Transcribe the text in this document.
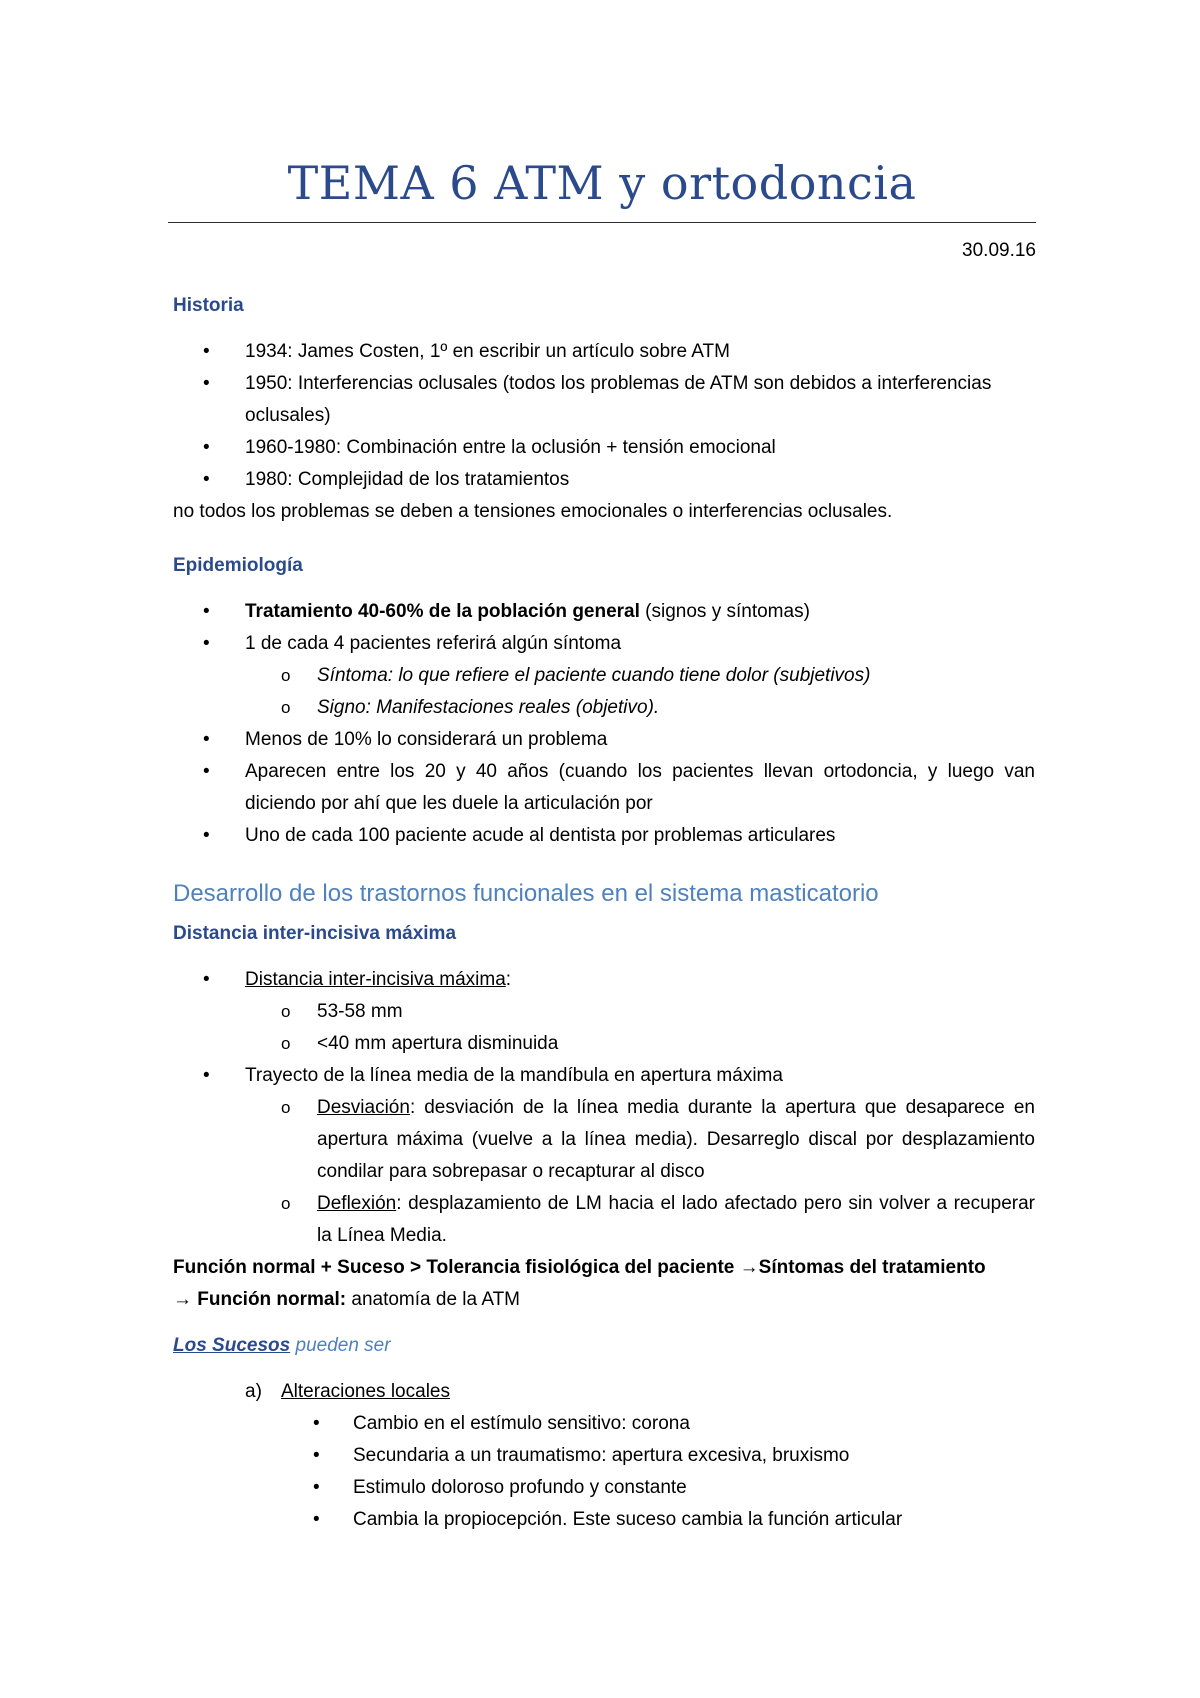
TEMA 6 ATM y ortodoncia
30.09.16

Historia

• 1934: James Costen, 1º en escribir un artículo sobre ATM
• 1950: Interferencias oclusales (todos los problemas de ATM son debidos a interferencias oclusales)
• 1960-1980: Combinación entre la oclusión + tensión emocional
• 1980: Complejidad de los tratamientos

no todos los problemas se deben a tensiones emocionales o interferencias oclusales.

Epidemiología

• Tratamiento 40-60% de la población general (signos y síntomas)
• 1 de cada 4 pacientes referirá algún síntoma
o Síntoma: lo que refiere el paciente cuando tiene dolor (subjetivos)
o Signo: Manifestaciones reales (objetivo).
• Menos de 10% lo considerará un problema
• Aparecen entre los 20 y 40 años (cuando los pacientes llevan ortodoncia, y luego van diciendo por ahí que les duele la articulación por
• Uno de cada 100 paciente acude al dentista por problemas articulares

Desarrollo de los trastornos funcionales en el sistema masticatorio

Distancia inter-incisiva máxima

• Distancia inter-incisiva máxima:
o 53-58 mm
o <40 mm apertura disminuida
• Trayecto de la línea media de la mandíbula en apertura máxima
o Desviación: desviación de la línea media durante la apertura que desaparece en apertura máxima (vuelve a la línea media). Desarreglo discal por desplazamiento condilar para sobrepasar o recapturar al disco
o Deflexión: desplazamiento de LM hacia el lado afectado pero sin volver a recuperar la Línea Media.

Función normal + Suceso > Tolerancia fisiológica del paciente →Síntomas del tratamiento

→ Función normal: anatomía de la ATM

Los Sucesos pueden ser

a) Alteraciones locales
• Cambio en el estímulo sensitivo: corona
• Secundaria a un traumatismo: apertura excesiva, bruxismo
• Estimulo doloroso profundo y constante
• Cambia la propiocepción. Este suceso cambia la función articular
